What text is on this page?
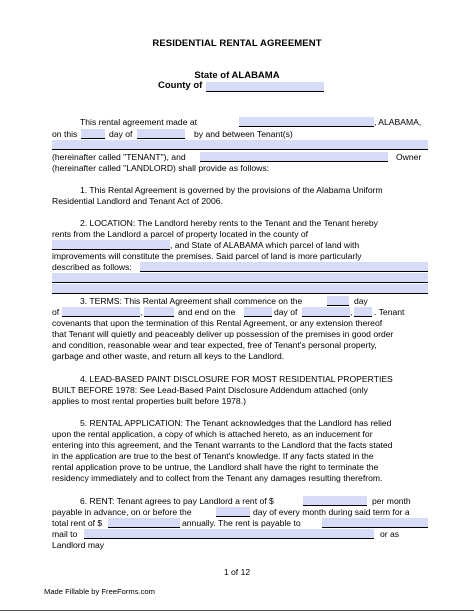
RESIDENTIAL RENTAL AGREEMENT
State of ALABAMA
County of
This rental agreement made at	, ALABAMA,
on this	day of	by and between Tenant(s)
(hereinafter called "TENANT"), and	Owner
(hereinafter called "LANDLORD) shall provide as follows:
1. This Rental Agreement is governed by the provisions of the Alabama Uniform
Residential Landlord and Tenant Act of 2006.
2. LOCATION: The Landlord hereby rents to the Tenant and the Tenant hereby
rents from the Landlord a parcel of property located in the county of
, and State of ALABAMA which parcel of land with
improvements will constitute the premises. Said parcel of land is more particularly
described as follows:
3. TERMS: This Rental Agreement shall commence on the	day
of	,	and end on the	day of	,	. Tenant
covenants that upon the termination of this Rental Agreement, or any extension thereof
that Tenant will quietly and peaceably deliver up possession of the premises in good order
and condition, reasonable wear and tear expected, free of Tenant's personal property,
garbage and other waste, and return all keys to the Landlord.
4. LEAD-BASED PAINT DISCLOSURE FOR MOST RESIDENTIAL PROPERTIES
BUILT BEFORE 1978: See Lead-Based Paint Disclosure Addendum attached (only
applies to most rental properties built before 1978.)
5. RENTAL APPLICATION: The Tenant acknowledges that the Landlord has relied
upon the rental application, a copy of which is attached hereto, as an inducement for
entering into this agreement, and the Tenant warrants to the Landlord that the facts stated
in the application are true to the best of Tenant's knowledge. If any facts stated in the
rental application prove to be untrue, the Landlord shall have the right to terminate the
residency immediately and to collect from the Tenant any damages resulting therefrom.
6. RENT: Tenant agrees to pay Landlord a rent of $	per month
payable in advance, on or before the	day of every month during said term for a
total rent of $	annually. The rent is payable to
mail to	or as
Landlord may
1 of 12
Made Fillable by FreeForms.com
